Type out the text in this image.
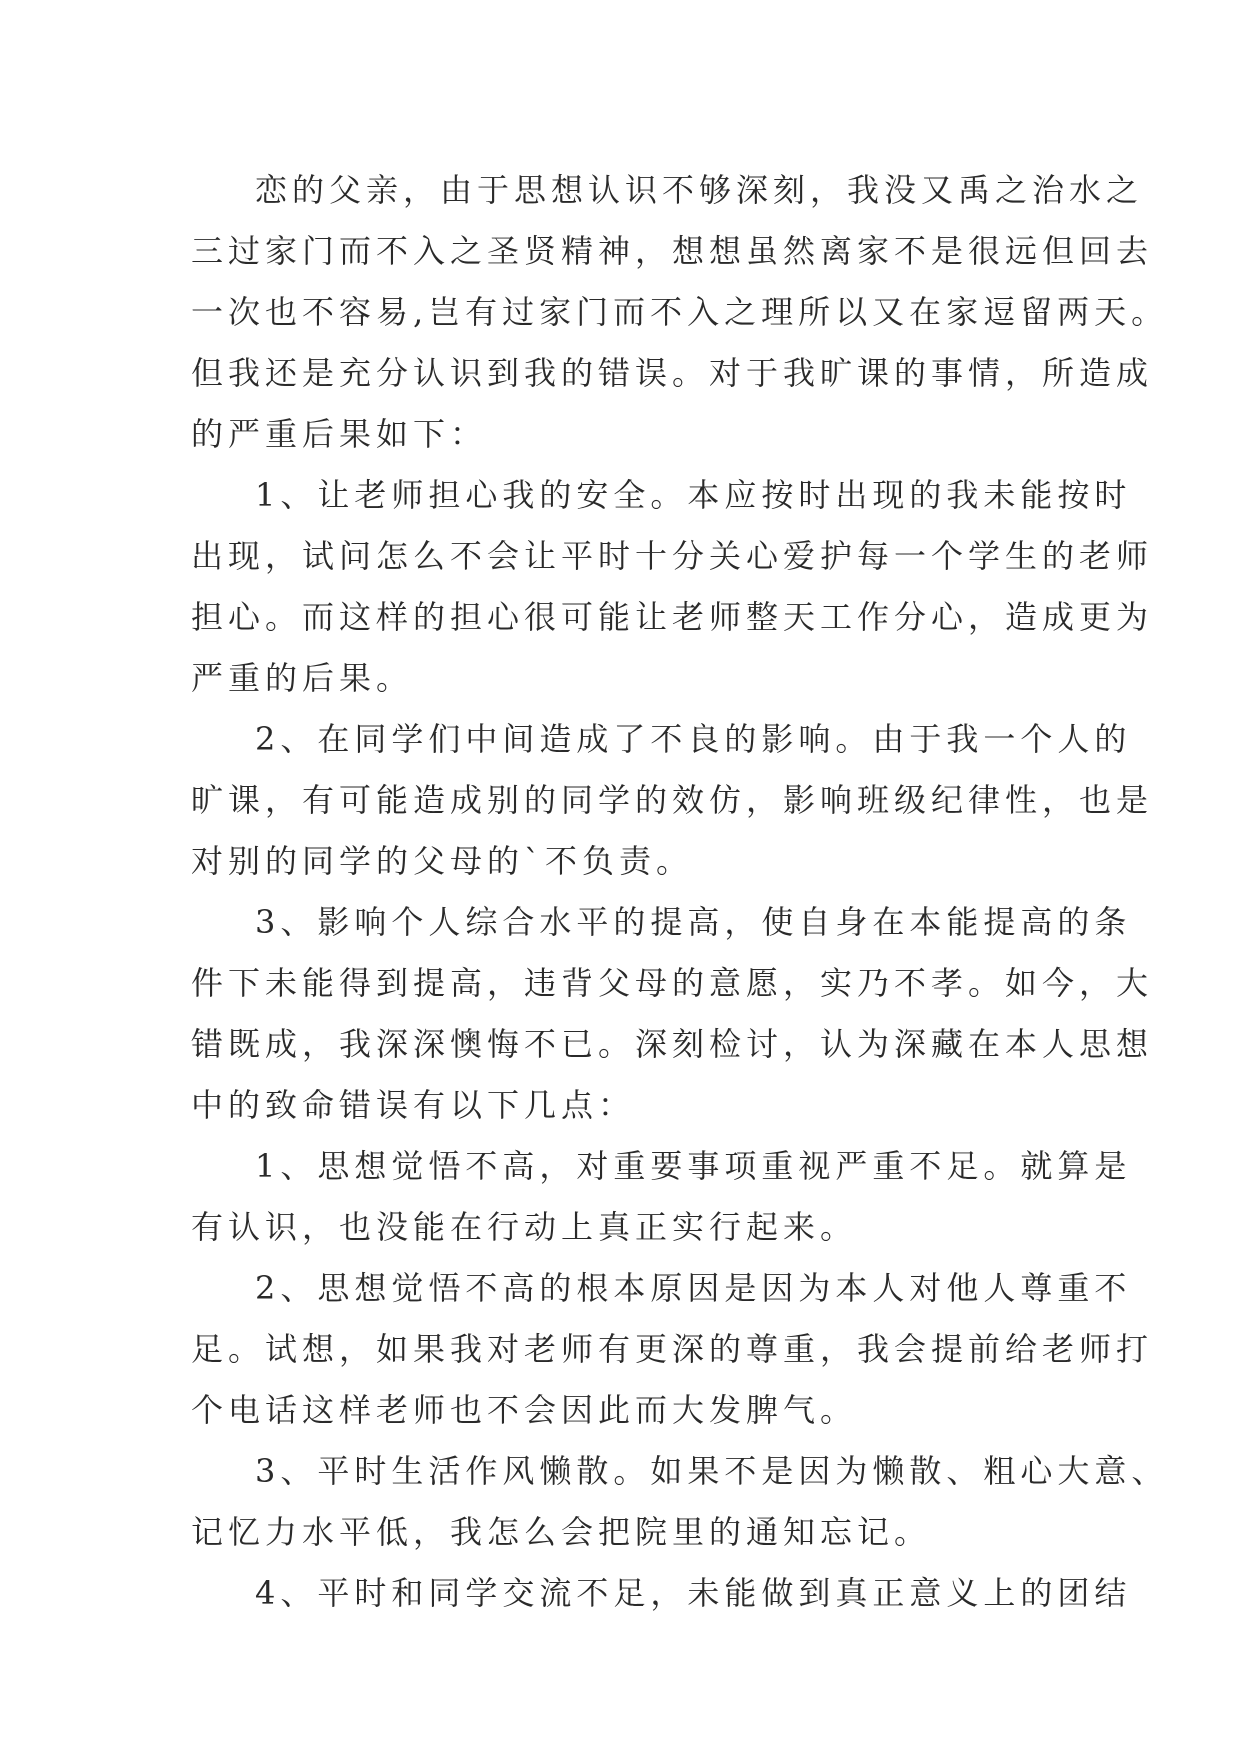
恋的父亲，由于思想认识不够深刻，我没又禹之治水之
三过家门而不入之圣贤精神，想想虽然离家不是很远但回去
一次也不容易,岂有过家门而不入之理所以又在家逗留两天。
但我还是充分认识到我的错误。对于我旷课的事情，所造成
的严重后果如下：
1、让老师担心我的安全。本应按时出现的我未能按时
出现，试问怎么不会让平时十分关心爱护每一个学生的老师
担心。而这样的担心很可能让老师整天工作分心，造成更为
严重的后果。
2、在同学们中间造成了不良的影响。由于我一个人的
旷课，有可能造成别的同学的效仿，影响班级纪律性，也是
对别的同学的父母的`不负责。
3、影响个人综合水平的提高，使自身在本能提高的条
件下未能得到提高，违背父母的意愿，实乃不孝。如今，大
错既成，我深深懊悔不已。深刻检讨，认为深藏在本人思想
中的致命错误有以下几点：
1、思想觉悟不高，对重要事项重视严重不足。就算是
有认识，也没能在行动上真正实行起来。
2、思想觉悟不高的根本原因是因为本人对他人尊重不
足。试想，如果我对老师有更深的尊重，我会提前给老师打
个电话这样老师也不会因此而大发脾气。
3、平时生活作风懒散。如果不是因为懒散、粗心大意、
记忆力水平低，我怎么会把院里的通知忘记。
4、平时和同学交流不足，未能做到真正意义上的团结
